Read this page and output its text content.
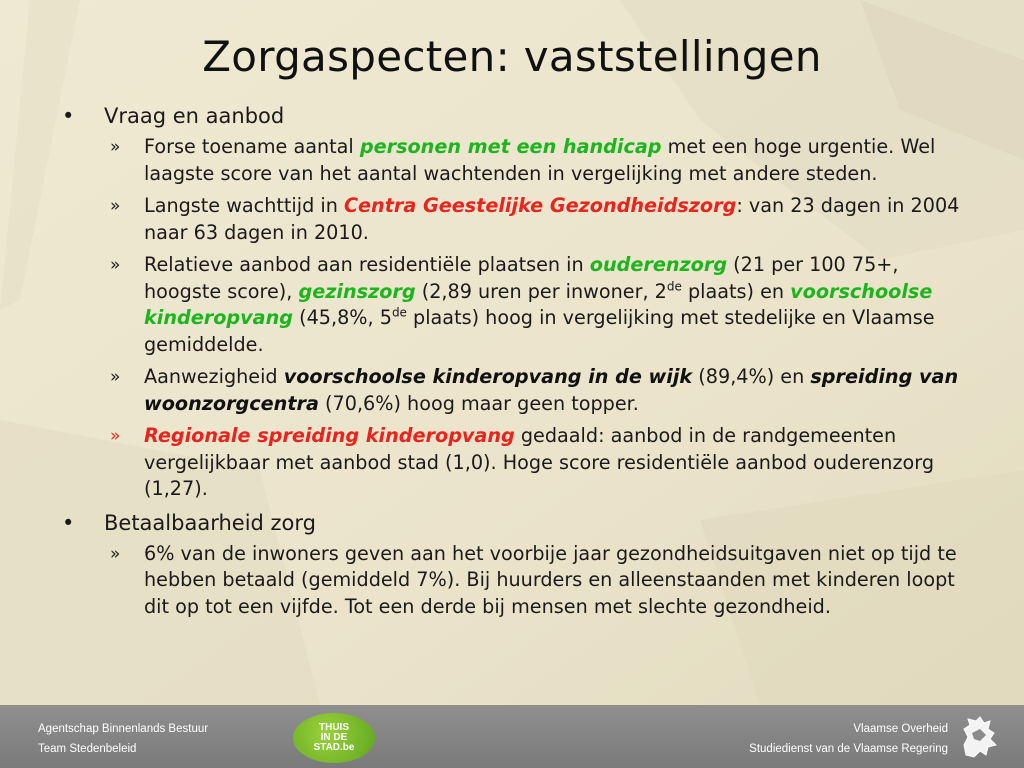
Zorgaspecten: vaststellingen
•	Vraag en aanbod
»	Forse toename aantal personen met een handicap met een hoge urgentie. Wel laagste score van het aantal wachtenden in vergelijking met andere steden.
»	Langste wachttijd in Centra Geestelijke Gezondheidszorg: van 23 dagen in 2004 naar 63 dagen in 2010.
»	Relatieve aanbod aan residentiële plaatsen in ouderenzorg (21 per 100 75+, hoogste score), gezinszorg (2,89 uren per inwoner, 2de plaats) en voorschoolse kinderopvang (45,8%, 5de plaats) hoog in vergelijking met stedelijke en Vlaamse gemiddelde.
»	Aanwezigheid voorschoolse kinderopvang in de wijk (89,4%) en spreiding van woonzorgcentra (70,6%) hoog maar geen topper.
»	Regionale spreiding kinderopvang gedaald: aanbod in de randgemeenten vergelijkbaar met aanbod stad (1,0). Hoge score residentiële aanbod ouderenzorg (1,27).
•	Betaalbaarheid zorg
»	6% van de inwoners geven aan het voorbije jaar gezondheidsuitgaven niet op tijd te hebben betaald (gemiddeld 7%). Bij huurders en alleenstaanden met kinderen loopt dit op tot een vijfde. Tot een derde bij mensen met slechte gezondheid.
Agentschap Binnenlands Bestuur
Team Stedenbeleid
THUIS
IN DE
STAD.be
Vlaamse Overheid
Studiedienst van de Vlaamse Regering
